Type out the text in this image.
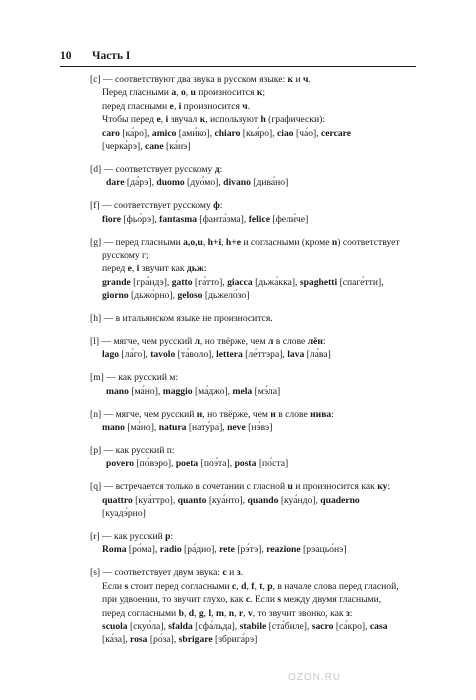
10 Часть I

[c] — соответствуют два звука в русском языке: к и ч.

Перед гласными a, o, u произносится к;

перед гласными e, i произносится ч.

Чтобы перед e, i звучал к, используют h (графически):

caro [ка́ро], amico [ами́ко], chiaro [кья́ро], ciao [ча́о], cercare

[черка́рэ], cane [ка́нэ]

[d] — соответствует русскому д:

dare [да́рэ], duomo [дуо́мо], divano [дива́но]

[f] — соответствует русскому ф:

fiore [фьо́рэ], fantasma [фанта́зма], felice [фели́че]

[g] — перед гласными a,o,u, h+i, h+e и согласными (кроме n) соответствует

русскому г;

перед e, i звучит как дьж:

grande [гра́ндэ], gatto [га́тто], giacca [дьжа́кка], spaghetti [спаге́тти],

giorno [дьжо́рно], geloso [дьжело́зо]

[h] — в итальянском языке не произносится.

[l] — мягче, чем русский л, но твёрже, чем л в слове лён:

lago [ла́го], tavolo [та́воло], lettera [ле́ттэра], lava [ла́ва]

[m] — как русский м:

mano [ма́но], maggio [ма́джо], mela [мэ́ла]

[n] — мягче, чем русский н, но твёрже, чем н в слове нива:

mano [ма́но], natura [нату́ра], neve [нэ́вэ]

[p] — как русский п:

povero [по́вэро], poeta [поэ́та], posta [по́ста]

[q] — встречается только в сочетании с гласной u и произносится как ку:

quattro [куа́ттро], quanto [куа́нто], quando [куа́ндо], quaderno

[куадэ́рно]

[r] — как русский р:

Roma [ро́ма], radio [ра́дио], rete [рэ́тэ], reazione [рэацьо́нэ]

[s] — соответствует двум звука: с и з.

Если s стоит перед согласными c, d, f, t, p, в начале слова перед гласной,

при удвоении, то звучит глухо, как с. Если s между двумя гласными,

перед согласными b, d, g, l, m, n, r, v, то звучит звонко, как з:

scuola [скуо́ла], sfalda [сфа́льда], stabile [ста́биле], sacro [са́кро], casa

[ка́за], rosa [ро́за], sbrigare [збрига́рэ]

OZON.RU
